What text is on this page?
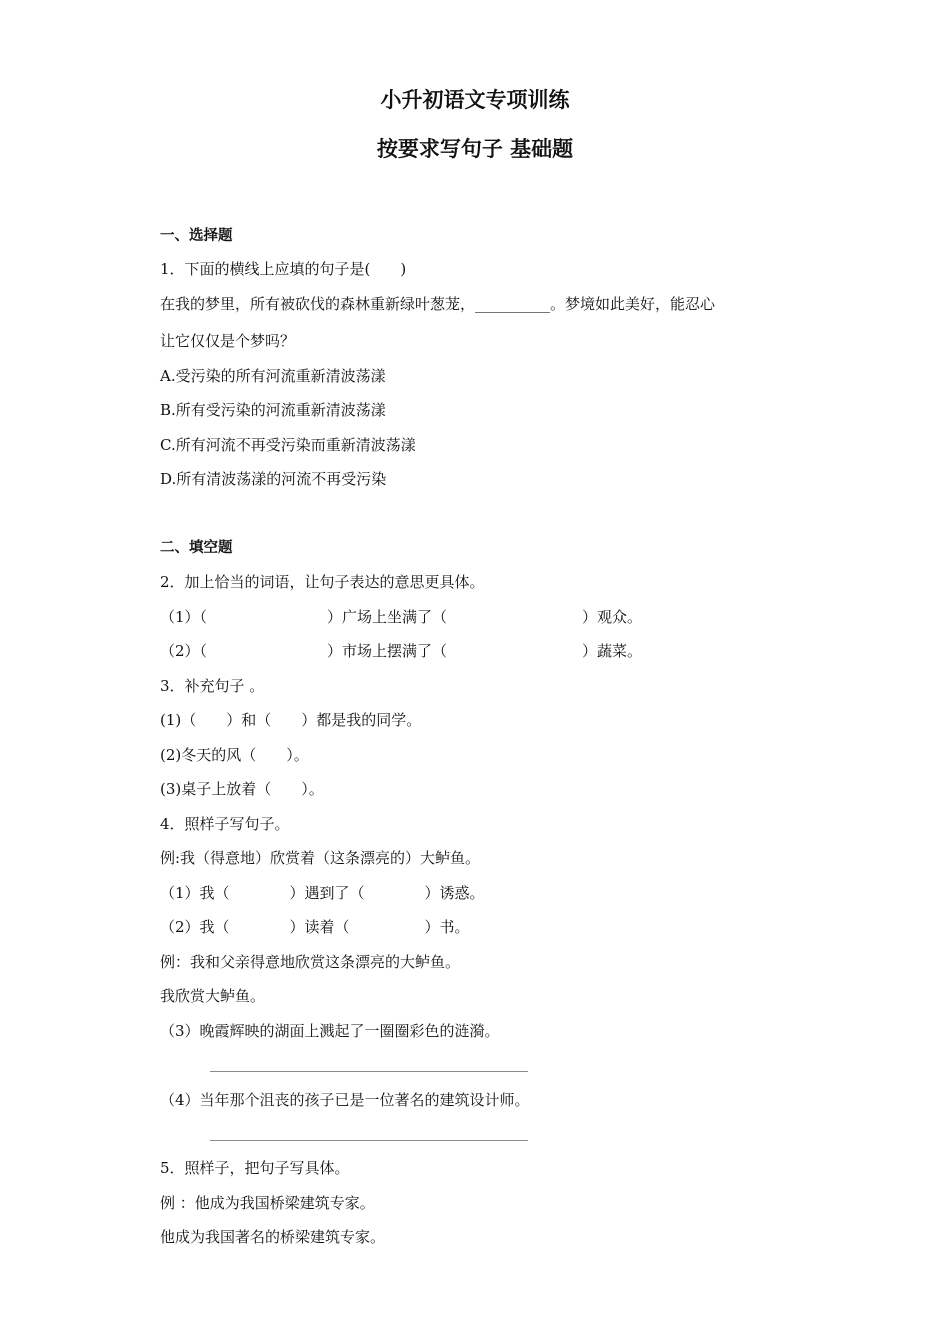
小升初语文专项训练
按要求写句子 基础题
一、选择题
1．下面的横线上应填的句子是(　　)
在我的梦里，所有被砍伐的森林重新绿叶葱茏，__________。梦境如此美好，能忍心
让它仅仅是个梦吗？
A.受污染的所有河流重新清波荡漾
B.所有受污染的河流重新清波荡漾
C.所有河流不再受污染而重新清波荡漾
D.所有清波荡漾的河流不再受污染
二、填空题
2．加上恰当的词语，让句子表达的意思更具体。
（1）（　　　　　　　　）广场上坐满了（　　　　　　　　　）观众。
（2）（　　　　　　　　）市场上摆满了（　　　　　　　　　）蔬菜。
3．补充句子 。
(1)（　　）和（　　）都是我的同学。
(2)冬天的风（　　）。
(3)桌子上放着（　　）。
4．照样子写句子。
例:我（得意地）欣赏着（这条漂亮的）大鲈鱼。
（1）我（　　　　）遇到了（　　　　）诱惑。
（2）我（　　　　）读着（　　　　　）书。
例：我和父亲得意地欣赏这条漂亮的大鲈鱼。
我欣赏大鲈鱼。
（3）晚霞辉映的湖面上溅起了一圈圈彩色的涟漪。
（4）当年那个沮丧的孩子已是一位著名的建筑设计师。
5．照样子，把句子写具体。
例 ：他成为我国桥梁建筑专家。
他成为我国著名的桥梁建筑专家。
